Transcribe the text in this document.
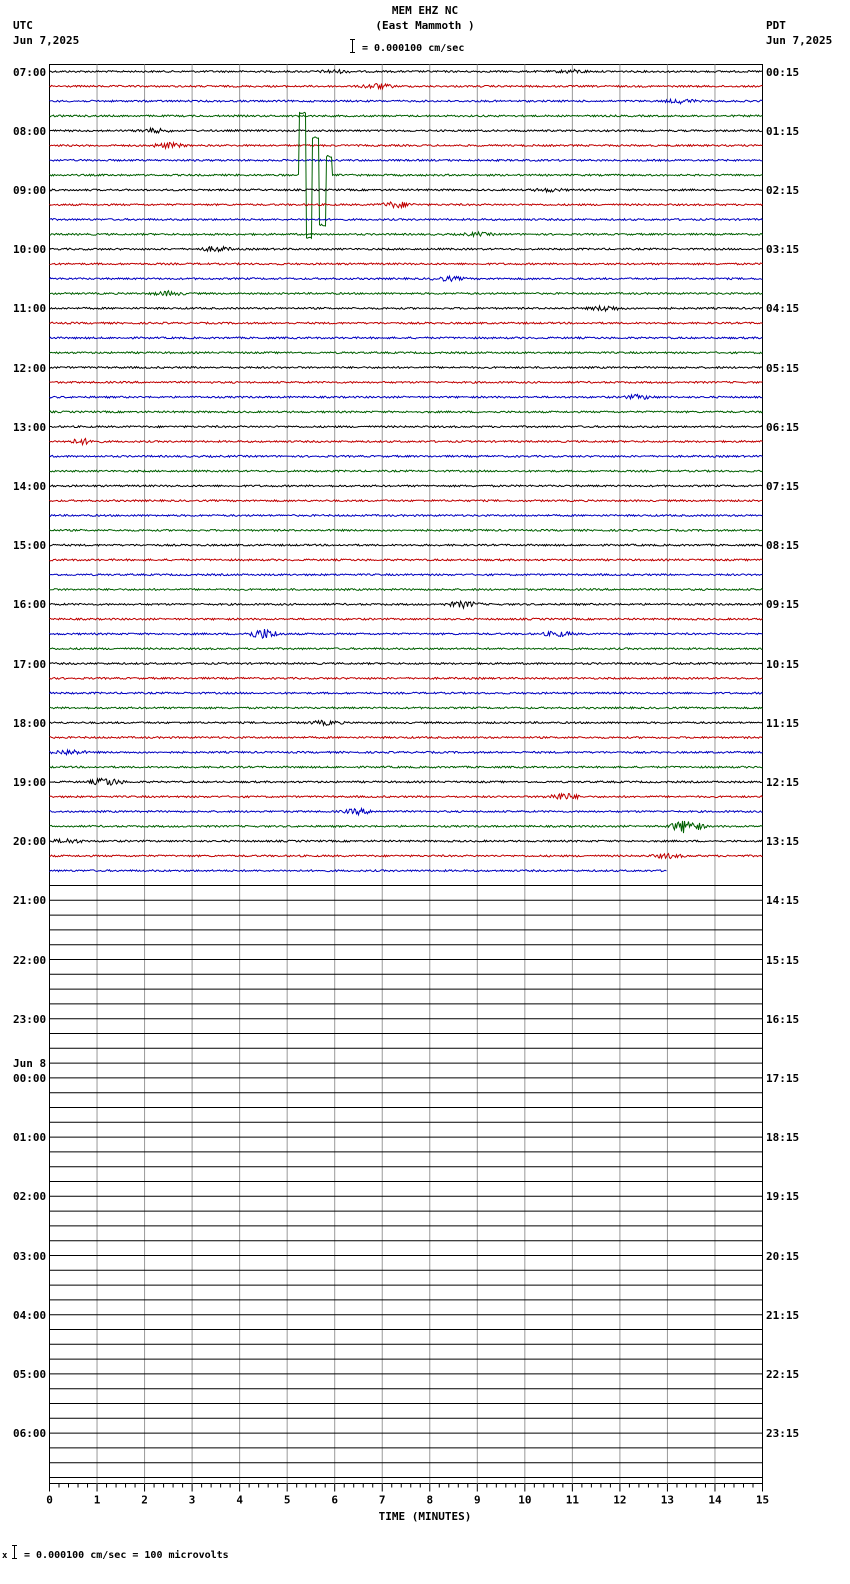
MEM EHZ NC
(East Mammoth )
= 0.000100 cm/sec
UTC
Jun 7,2025
PDT
Jun 7,2025
0	1	2	3	4	5	6	7	8	9	10	11	12	13	14	15
07:00
08:00
09:00
10:00
11:00
12:00
13:00
14:00
15:00
16:00
17:00
18:00
19:00
20:00
21:00
22:00
23:00
Jun 8
00:00
01:00
02:00
03:00
04:00
05:00
06:00
00:15
01:15
02:15
03:15
04:15
05:15
06:15
07:15
08:15
09:15
10:15
11:15
12:15
13:15
14:15
15:15
16:15
17:15
18:15
19:15
20:15
21:15
22:15
23:15
TIME (MINUTES)
x = 0.000100 cm/sec = 100 microvolts
